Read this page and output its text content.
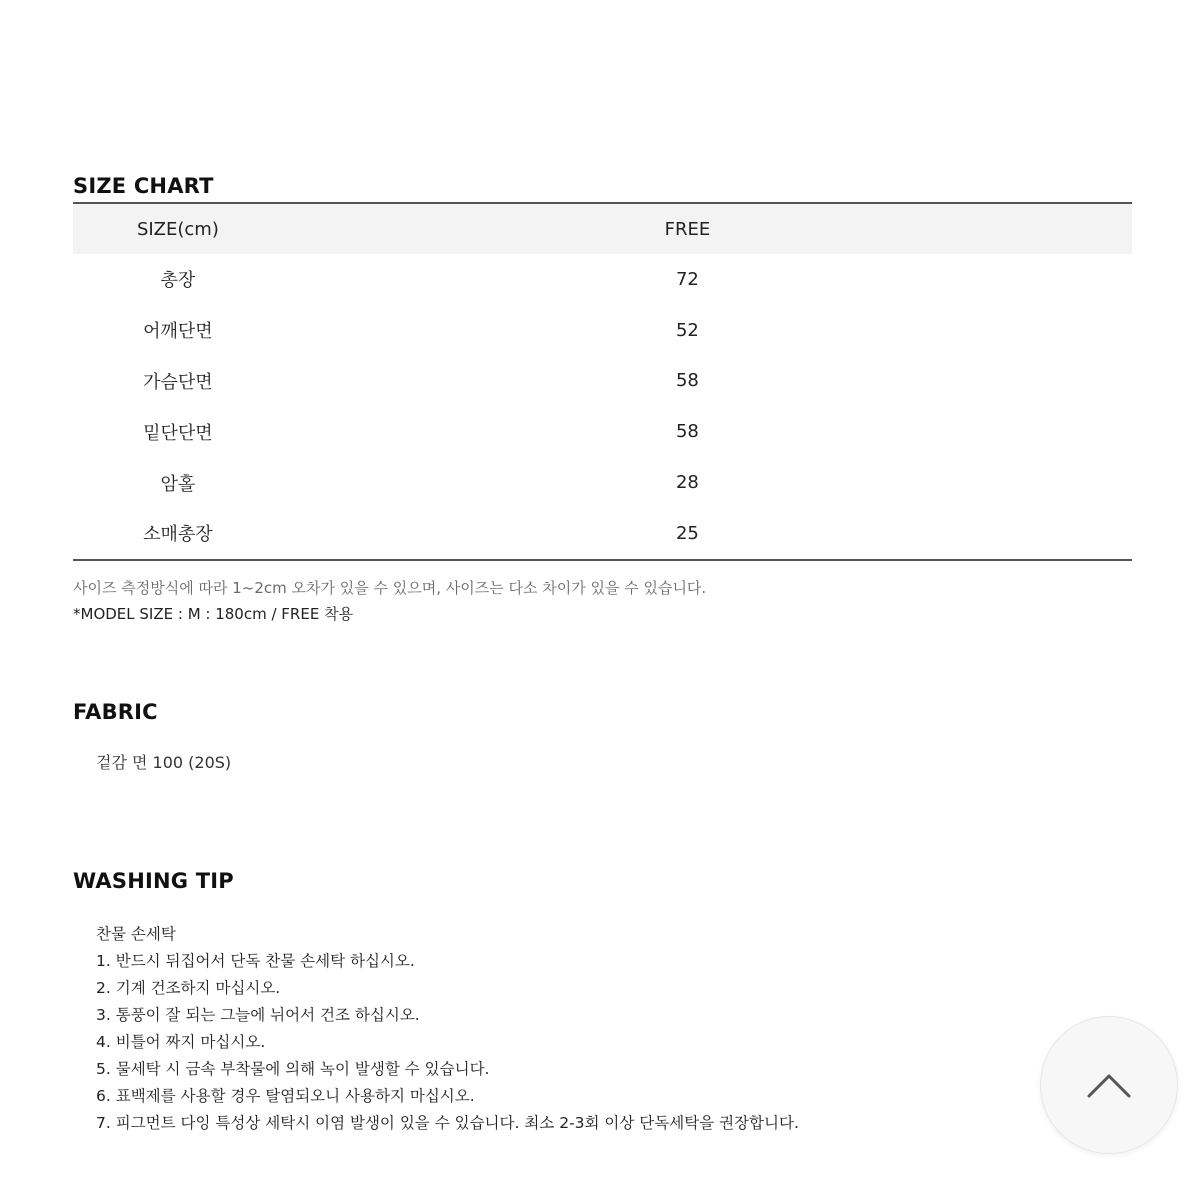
SIZE CHART
SIZE(cm)	FREE
총장	72
어깨단면	52
가슴단면	58
밑단단면	58
암홀	28
소매총장	25
사이즈 측정방식에 따라 1~2cm 오차가 있을 수 있으며, 사이즈는 다소 차이가 있을 수 있습니다.
*MODEL SIZE : M : 180cm / FREE 착용
FABRIC
겉감 면 100 (20S)
WASHING TIP
찬물 손세탁
1. 반드시 뒤집어서 단독 찬물 손세탁 하십시오.
2. 기계 건조하지 마십시오.
3. 통풍이 잘 되는 그늘에 뉘어서 건조 하십시오.
4. 비틀어 짜지 마십시오.
5. 물세탁 시 금속 부착물에 의해 녹이 발생할 수 있습니다.
6. 표백제를 사용할 경우 탈염되오니 사용하지 마십시오.
7. 피그먼트 다잉 특성상 세탁시 이염 발생이 있을 수 있습니다. 최소 2-3회 이상 단독세탁을 권장합니다.
